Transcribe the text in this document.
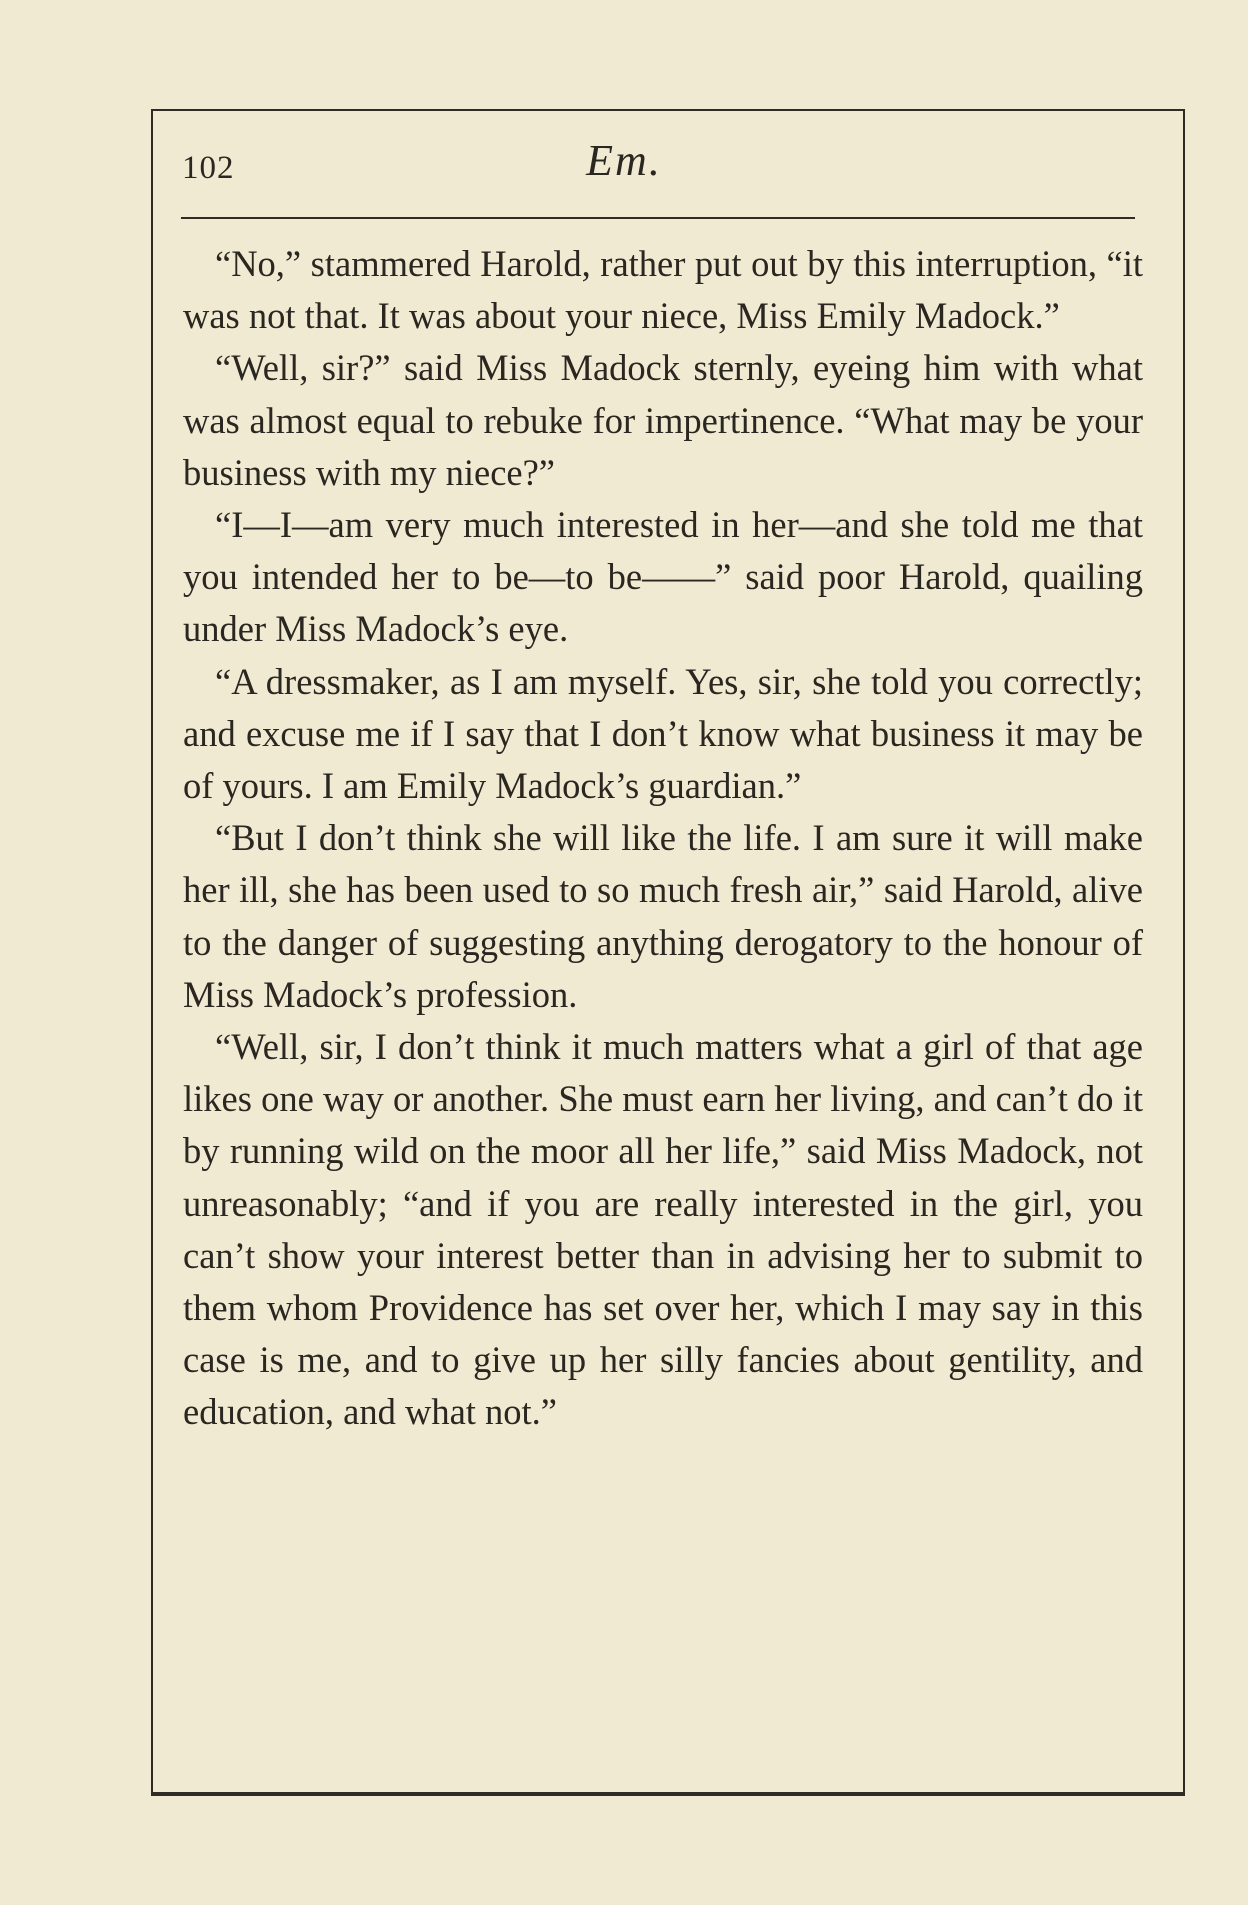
102	Em.

“No,” stammered Harold, rather put out by this interruption, “it was not that. It was about your niece, Miss Emily Madock.”

“Well, sir?” said Miss Madock sternly, eyeing him with what was almost equal to rebuke for impertinence. “What may be your business with my niece?”

“I—I—am very much interested in her—and she told me that you intended her to be—to be——” said poor Harold, quailing under Miss Madock’s eye.

“A dressmaker, as I am myself. Yes, sir, she told you correctly; and excuse me if I say that I don’t know what business it may be of yours. I am Emily Madock’s guardian.”

“But I don’t think she will like the life. I am sure it will make her ill, she has been used to so much fresh air,” said Harold, alive to the danger of suggesting anything derogatory to the honour of Miss Madock’s profession.

“Well, sir, I don’t think it much matters what a girl of that age likes one way or another. She must earn her living, and can’t do it by running wild on the moor all her life,” said Miss Madock, not unreasonably; “and if you are really interested in the girl, you can’t show your interest better than in advising her to submit to them whom Providence has set over her, which I may say in this case is me, and to give up her silly fancies about gentility, and education, and what not.”
